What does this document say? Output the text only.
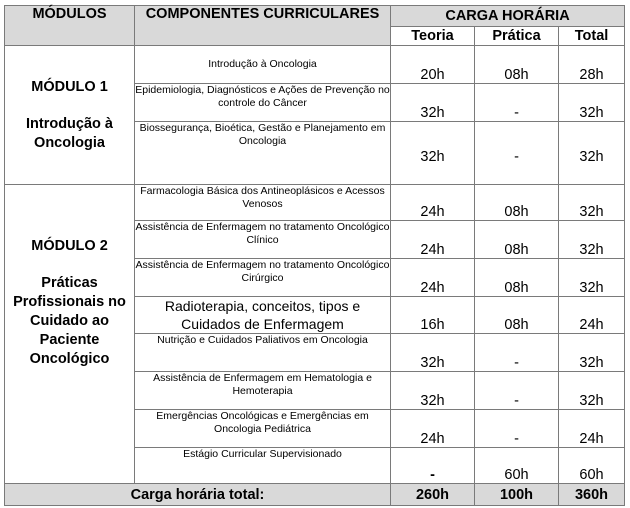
MÓDULOS	COMPONENTES CURRICULARES	CARGA HORÁRIA		
		Teoria	Prática	Total

MÓDULO 1
Introdução à Oncologia	Introdução à Oncologia	20h	08h	28h
	Epidemiologia, Diagnósticos e Ações de Prevenção no controle do Câncer	32h	-	32h
	Biossegurança, Bioética, Gestão e Planejamento em Oncologia	32h	-	32h

MÓDULO 2
Práticas Profissionais no Cuidado ao Paciente Oncológico	Farmacologia Básica dos Antineoplásicos e Acessos Venosos	24h	08h	32h
	Assistência de Enfermagem no tratamento Oncológico Clínico	24h	08h	32h
	Assistência de Enfermagem no tratamento Oncológico Cirúrgico	24h	08h	32h
	Radioterapia, conceitos, tipos e Cuidados de Enfermagem	16h	08h	24h
	Nutrição e Cuidados Paliativos em Oncologia	32h	-	32h
	Assistência de Enfermagem em Hematologia e Hemoterapia	32h	-	32h
	Emergências Oncológicas e Emergências em Oncologia Pediátrica	24h	-	24h
	Estágio Curricular Supervisionado	-	60h	60h
Carga horária total:		260h	100h	360h
